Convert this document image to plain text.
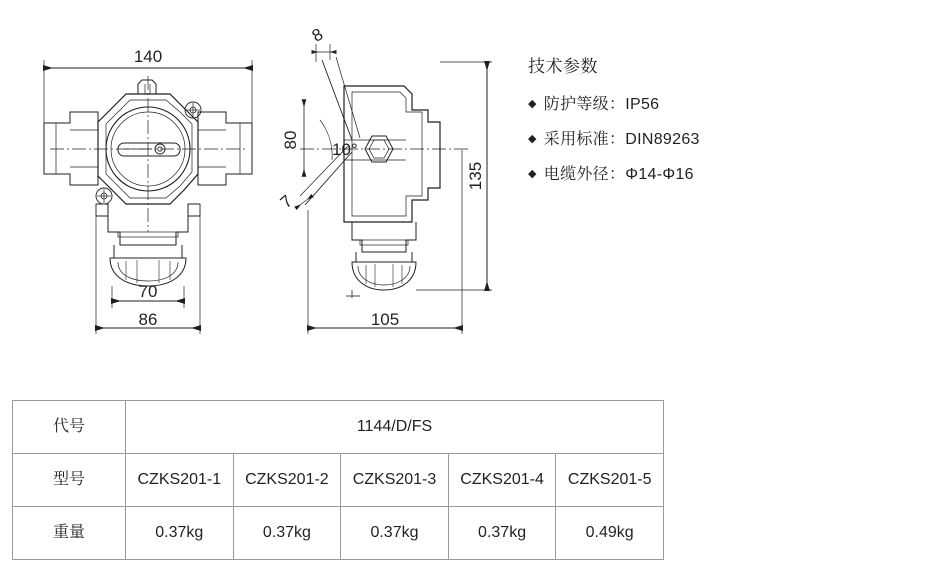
140
70
86
8
80 10°
7
135
105
技术参数
◆ 防护等级：IP56
◆ 采用标准：DIN89263
◆ 电缆外径：Φ14-Φ16
代号	1144/D/FS				
型号	CZKS201-1	CZKS201-2	CZKS201-3	CZKS201-4	CZKS201-5
重量	0.37kg	0.37kg	0.37kg	0.37kg	0.49kg
